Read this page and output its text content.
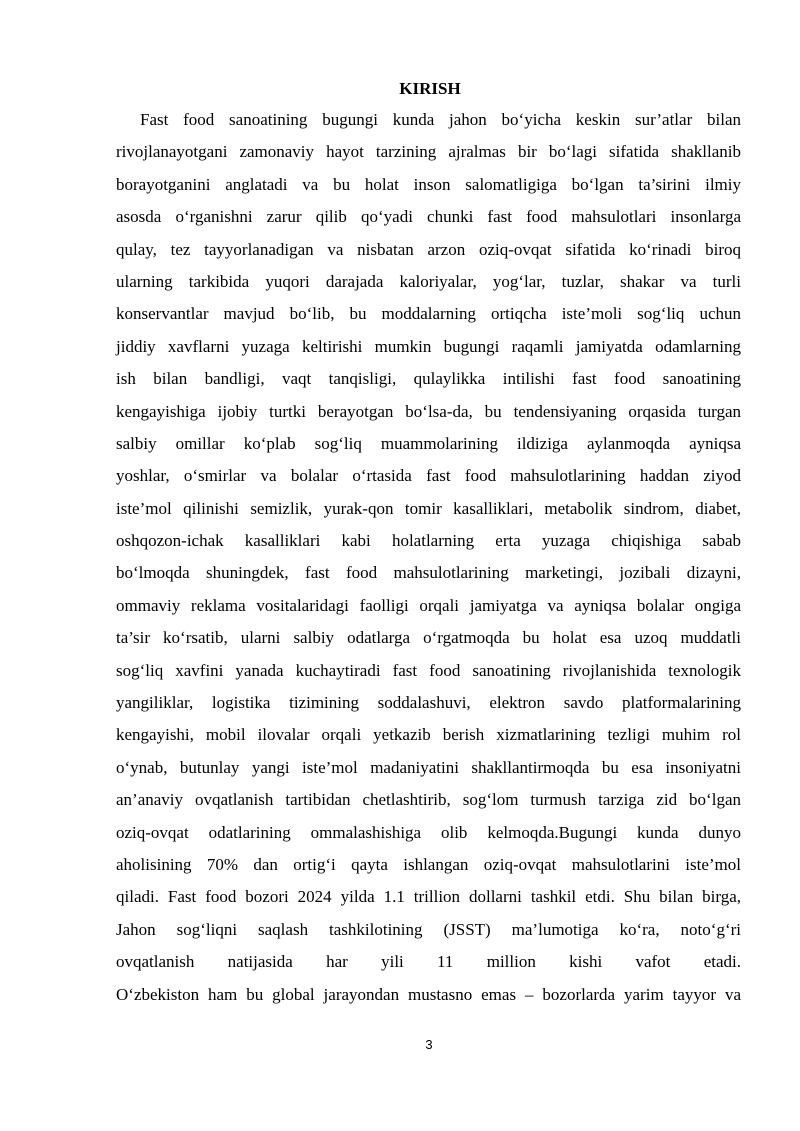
KIRISH
Fast food sanoatining bugungi kunda jahon bo‘yicha keskin sur’atlar bilan
rivojlanayotgani zamonaviy hayot tarzining ajralmas bir bo‘lagi sifatida shakllanib
borayotganini anglatadi va bu holat inson salomatligiga bo‘lgan ta’sirini ilmiy
asosda o‘rganishni zarur qilib qo‘yadi chunki fast food mahsulotlari insonlarga
qulay, tez tayyorlanadigan va nisbatan arzon oziq-ovqat sifatida ko‘rinadi biroq
ularning tarkibida yuqori darajada kaloriyalar, yog‘lar, tuzlar, shakar va turli
konservantlar mavjud bo‘lib, bu moddalarning ortiqcha iste’moli sog‘liq uchun
jiddiy xavflarni yuzaga keltirishi mumkin bugungi raqamli jamiyatda odamlarning
ish bilan bandligi, vaqt tanqisligi, qulaylikka intilishi fast food sanoatining
kengayishiga ijobiy turtki berayotgan bo‘lsa-da, bu tendensiyaning orqasida turgan
salbiy omillar ko‘plab sog‘liq muammolarining ildiziga aylanmoqda ayniqsa
yoshlar, o‘smirlar va bolalar o‘rtasida fast food mahsulotlarining haddan ziyod
iste’mol qilinishi semizlik, yurak-qon tomir kasalliklari, metabolik sindrom, diabet,
oshqozon-ichak kasalliklari kabi holatlarning erta yuzaga chiqishiga sabab
bo‘lmoqda shuningdek, fast food mahsulotlarining marketingi, jozibali dizayni,
ommaviy reklama vositalaridagi faolligi orqali jamiyatga va ayniqsa bolalar ongiga
ta’sir ko‘rsatib, ularni salbiy odatlarga o‘rgatmoqda bu holat esa uzoq muddatli
sog‘liq xavfini yanada kuchaytiradi fast food sanoatining rivojlanishida texnologik
yangiliklar, logistika tizimining soddalashuvi, elektron savdo platformalarining
kengayishi, mobil ilovalar orqali yetkazib berish xizmatlarining tezligi muhim rol
o‘ynab, butunlay yangi iste’mol madaniyatini shakllantirmoqda bu esa insoniyatni
an’anaviy ovqatlanish tartibidan chetlashtirib, sog‘lom turmush tarziga zid bo‘lgan
oziq-ovqat odatlarining ommalashishiga olib kelmoqda.Bugungi kunda dunyo
aholisining 70% dan ortig‘i qayta ishlangan oziq-ovqat mahsulotlarini iste’mol
qiladi. Fast food bozori 2024 yilda 1.1 trillion dollarni tashkil etdi. Shu bilan birga,
Jahon sog‘liqni saqlash tashkilotining (JSST) ma’lumotiga ko‘ra, noto‘g‘ri
ovqatlanish natijasida har yili 11 million kishi vafot etadi.
O‘zbekiston ham bu global jarayondan mustasno emas – bozorlarda yarim tayyor va
3
